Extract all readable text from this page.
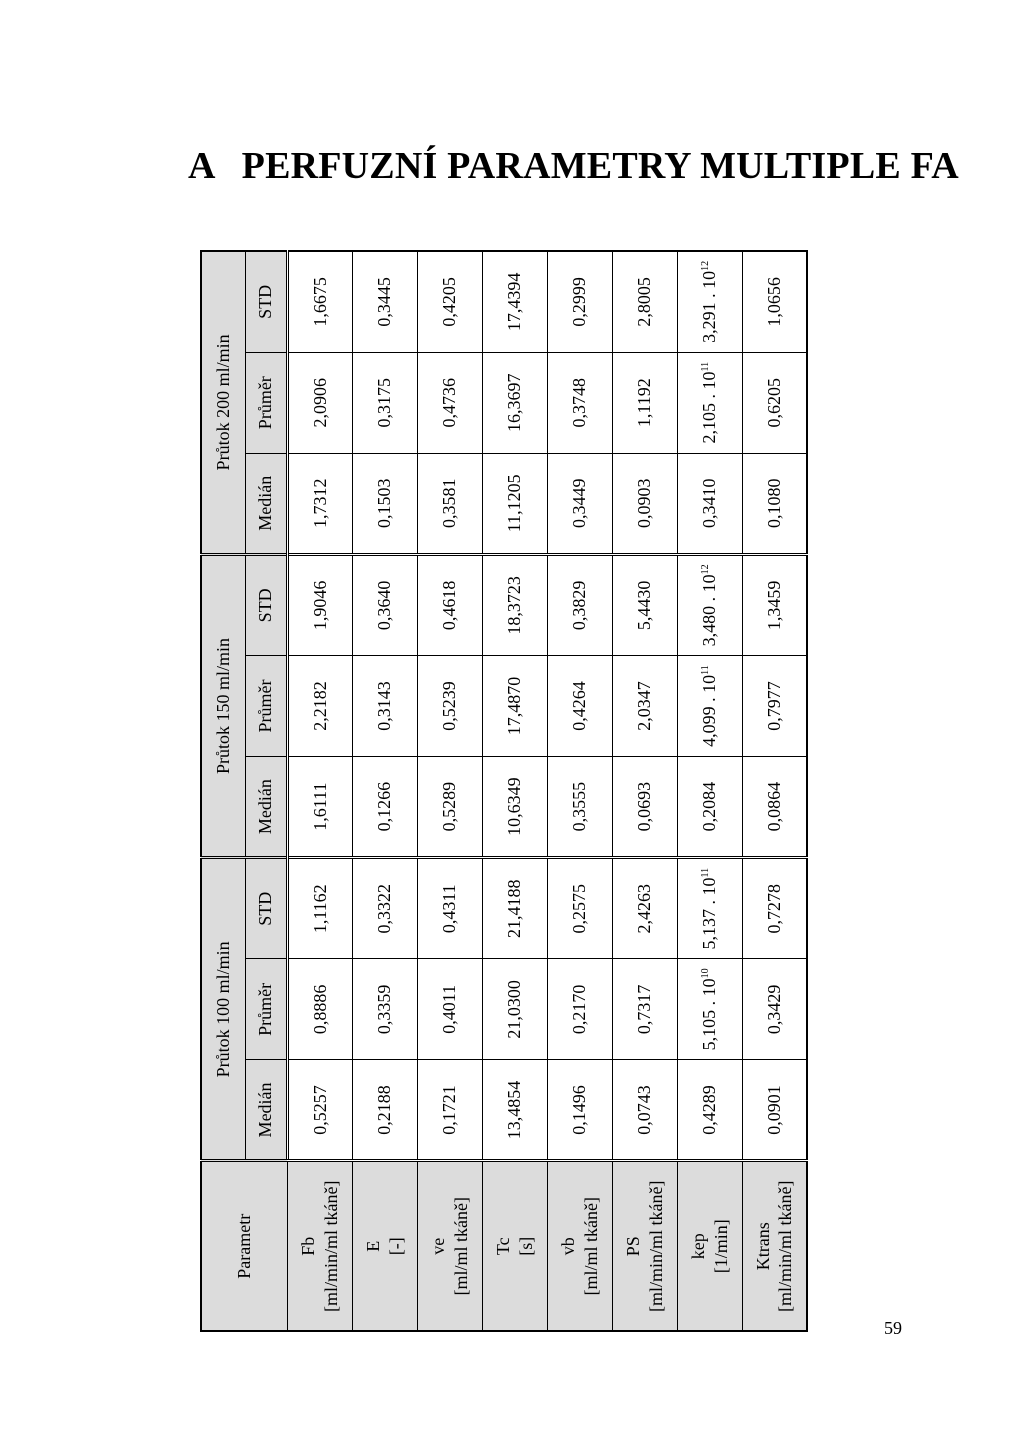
A PERFUZNÍ PARAMETRY MULTIPLE FA
Parametr	Průtok 100 ml/min			Průtok 150 ml/min			Průtok 200 ml/min		
	Medián	Průměr	STD	Medián	Průměr	STD	Medián	Průměr	STD

Fb [ml/min/ml tkáně]	0,5257	0,8886	1,1162	1,6111	2,2182	1,9046	1,7312	2,0906	1,6675

E [-]	0,2188	0,3359	0,3322	0,1266	0,3143	0,3640	0,1503	0,3175	0,3445

ve [ml/ml tkáně]	0,1721	0,4011	0,4311	0,5289	0,5239	0,4618	0,3581	0,4736	0,4205

Tc [s]	13,4854	21,0300	21,4188	10,6349	17,4870	18,3723	11,1205	16,3697	17,4394

vb [ml/ml tkáně]	0,1496	0,2170	0,2575	0,3555	0,4264	0,3829	0,3449	0,3748	0,2999

PS [ml/min/ml tkáně]	0,0743	0,7317	2,4263	0,0693	2,0347	5,4430	0,0903	1,1192	2,8005

kep [1/min]	0,4289	5,105 . $10^{10}$	5,137 . $10^{11}$	0,2084	4,099 . $10^{11}$	3,480 . $10^{12}$	0,3410	2,105 . $10^{11}$	3,291 . $10^{12}$

Ktrans [ml/min/ml tkáně]	0,0901	0,3429	0,7278	0,0864	0,7977	1,3459	0,1080	0,6205	1,0656
59
